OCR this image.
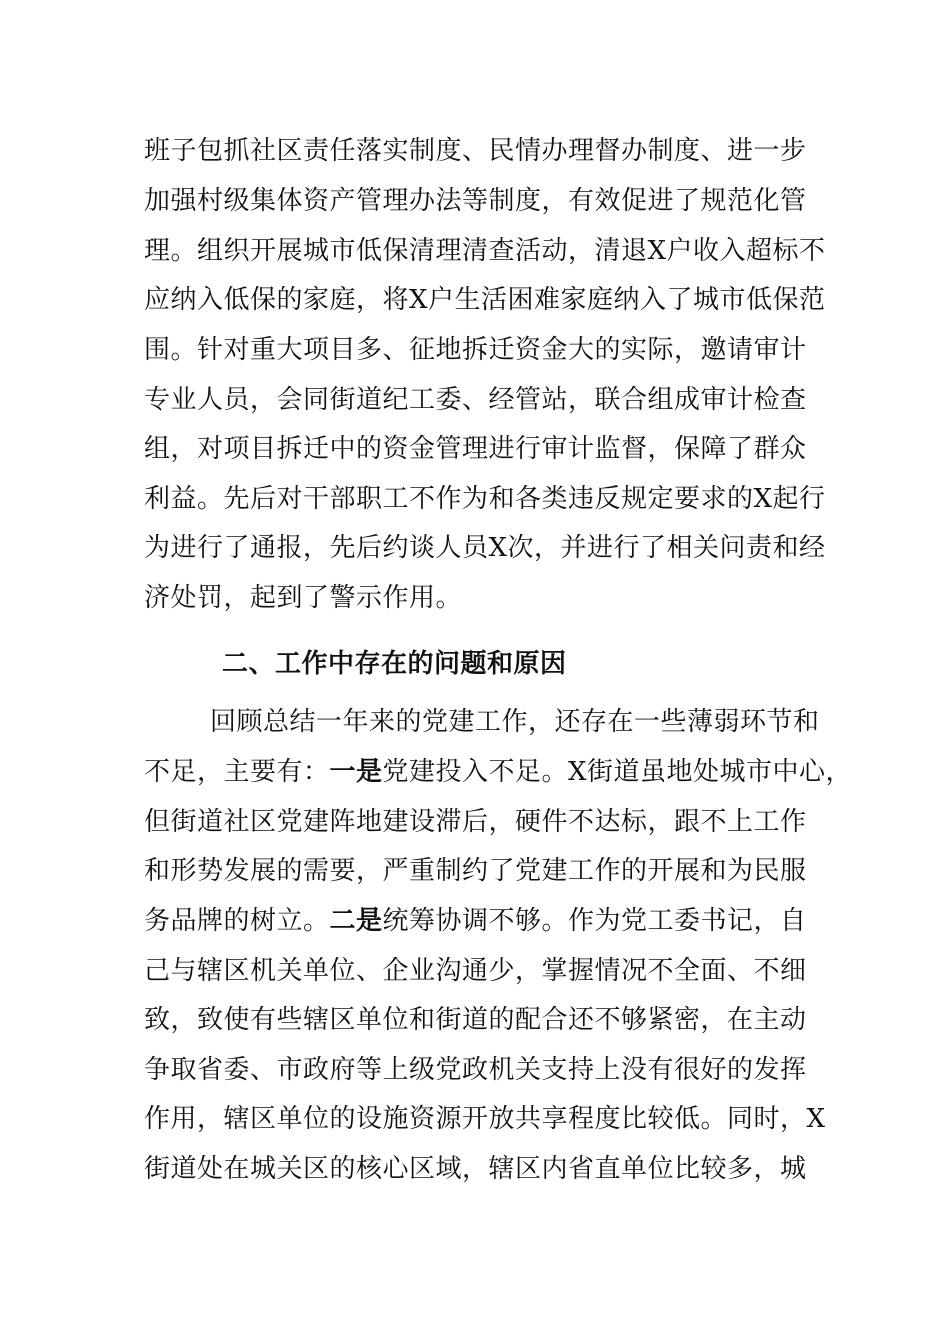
班子包抓社区责任落实制度、民情办理督办制度、进一步
加强村级集体资产管理办法等制度，有效促进了规范化管
理。组织开展城市低保清理清查活动，清退X户收入超标不
应纳入低保的家庭，将X户生活困难家庭纳入了城市低保范
围。针对重大项目多、征地拆迁资金大的实际，邀请审计
专业人员，会同街道纪工委、经管站，联合组成审计检查
组，对项目拆迁中的资金管理进行审计监督，保障了群众
利益。先后对干部职工不作为和各类违反规定要求的X起行
为进行了通报，先后约谈人员X次，并进行了相关问责和经
济处罚，起到了警示作用。
二、工作中存在的问题和原因
回顾总结一年来的党建工作，还存在一些薄弱环节和
不足，主要有：一是党建投入不足。X街道虽地处城市中心，
但街道社区党建阵地建设滞后，硬件不达标，跟不上工作
和形势发展的需要，严重制约了党建工作的开展和为民服
务品牌的树立。二是统筹协调不够。作为党工委书记，自
己与辖区机关单位、企业沟通少，掌握情况不全面、不细
致，致使有些辖区单位和街道的配合还不够紧密，在主动
争取省委、市政府等上级党政机关支持上没有很好的发挥
作用，辖区单位的设施资源开放共享程度比较低。同时，X
街道处在城关区的核心区域，辖区内省直单位比较多，城
